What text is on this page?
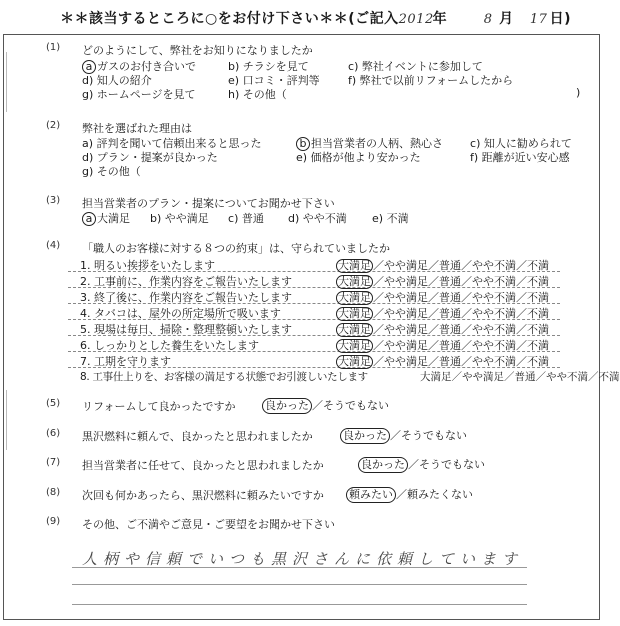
＊＊該当するところに○をお付け下さい＊＊(ご記入2012年	8 月 17 日)
(1) どのようにして、弊社をお知りになりましたか
a ガスのお付き合いで	b) チラシを見て	c) 弊社イベントに参加して
d) 知人の紹介	e) 口コミ・評判等	f) 弊社で以前リフォームしたから
g) ホームページを見て	h) その他（	)
(2) 弊社を選ばれた理由は
a) 評判を聞いて信頼出来ると思った	b 担当営業者の人柄、熱心さ c) 知人に勧められて
d) プラン・提案が良かった	e) 価格が他より安かった	f) 距離が近い安心感
g) その他（
(3) 担当営業者のプラン・提案についてお聞かせ下さい
a 大満足 b) やや満足 c) 普通 d) やや不満 e) 不満
(4) 「職人のお客様に対する８つの約束」は、守られていましたか
1. 明るい挨拶をいたします	大満足 ／やや満足／普通／やや不満／不満
2. 工事前に、作業内容をご報告いたします	大満足 ／やや満足／普通／やや不満／不満
3. 終了後に、作業内容をご報告いたします	大満足 ／やや満足／普通／やや不満／不満
4. タバコは、屋外の所定場所で吸います	大満足 ／やや満足／普通／やや不満／不満
5. 現場は毎日、掃除・整理整頓いたします	大満足 ／やや満足／普通／やや不満／不満
6. しっかりとした養生をいたします	大満足 ／やや満足／普通／やや不満／不満
7. 工期を守ります	大満足 ／やや満足／普通／やや不満／不満
8. 工事仕上りを、お客様の満足する状態でお引渡しいたします	大満足／やや満足／普通／やや不満／不満
(5) リフォームして良かったですか	良かった ／そうでもない
(6) 黒沢燃料に頼んで、良かったと思われましたか	良かった ／そうでもない
(7) 担当営業者に任せて、良かったと思われましたか	良かった ／そうでもない
(8) 次回も何かあったら、黒沢燃料に頼みたいですか 頼みたい ／頼みたくない
(9) その他、ご不満やご意見・ご要望をお聞かせ下さい
人柄や信頼でいつも黒沢さんに依頼しています
